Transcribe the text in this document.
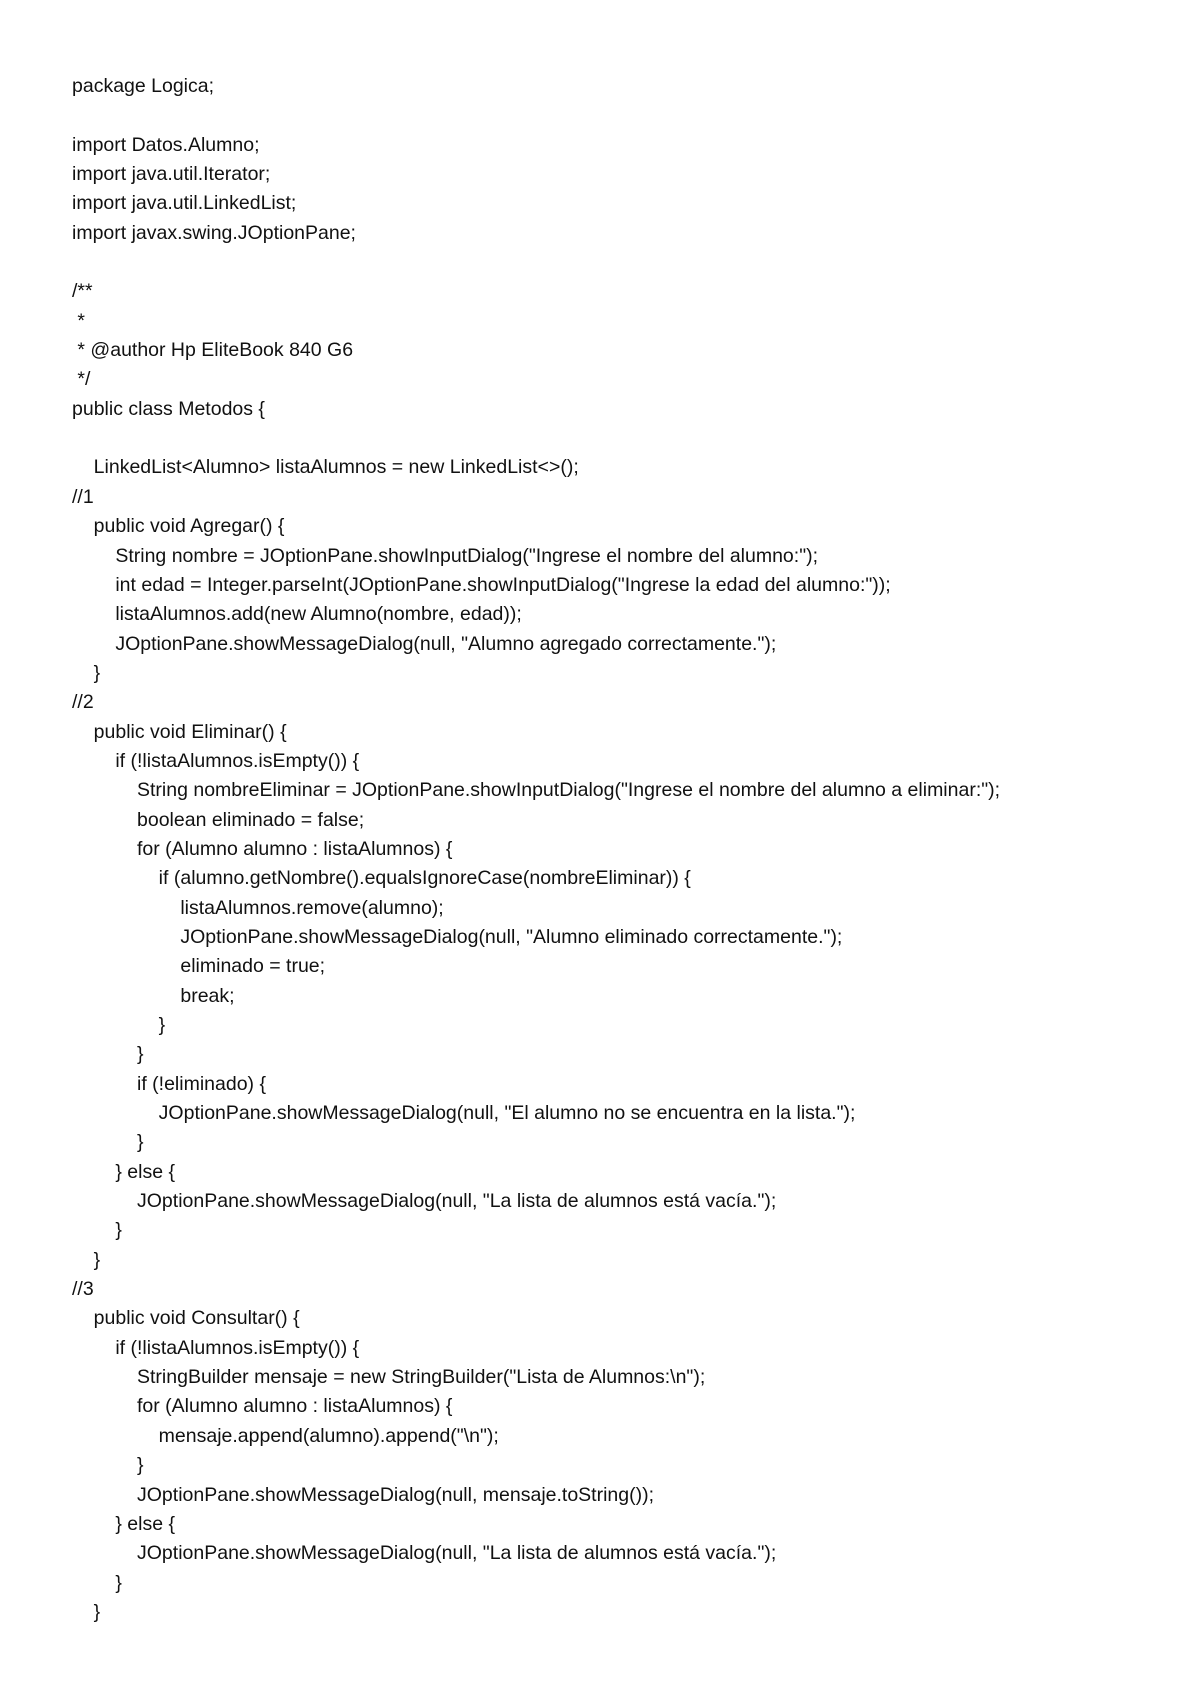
package Logica;
import Datos.Alumno;
import java.util.Iterator;
import java.util.LinkedList;
import javax.swing.JOptionPane;
/**
*
* @author Hp EliteBook 840 G6
*/
public class Metodos {
LinkedList<Alumno> listaAlumnos = new LinkedList<>();
//1
public void Agregar() {
String nombre = JOptionPane.showInputDialog("Ingrese el nombre del alumno:");
int edad = Integer.parseInt(JOptionPane.showInputDialog("Ingrese la edad del alumno:"));
listaAlumnos.add(new Alumno(nombre, edad));
JOptionPane.showMessageDialog(null, "Alumno agregado correctamente.");
}
//2
public void Eliminar() {
if (!listaAlumnos.isEmpty()) {
String nombreEliminar = JOptionPane.showInputDialog("Ingrese el nombre del alumno a eliminar:");
boolean eliminado = false;
for (Alumno alumno : listaAlumnos) {
if (alumno.getNombre().equalsIgnoreCase(nombreEliminar)) {
listaAlumnos.remove(alumno);
JOptionPane.showMessageDialog(null, "Alumno eliminado correctamente.");
eliminado = true;
break;
}
}
if (!eliminado) {
JOptionPane.showMessageDialog(null, "El alumno no se encuentra en la lista.");
}
} else {
JOptionPane.showMessageDialog(null, "La lista de alumnos está vacía.");
}
}
//3
public void Consultar() {
if (!listaAlumnos.isEmpty()) {
StringBuilder mensaje = new StringBuilder("Lista de Alumnos:\n");
for (Alumno alumno : listaAlumnos) {
mensaje.append(alumno).append("\n");
}
JOptionPane.showMessageDialog(null, mensaje.toString());
} else {
JOptionPane.showMessageDialog(null, "La lista de alumnos está vacía.");
}
}
